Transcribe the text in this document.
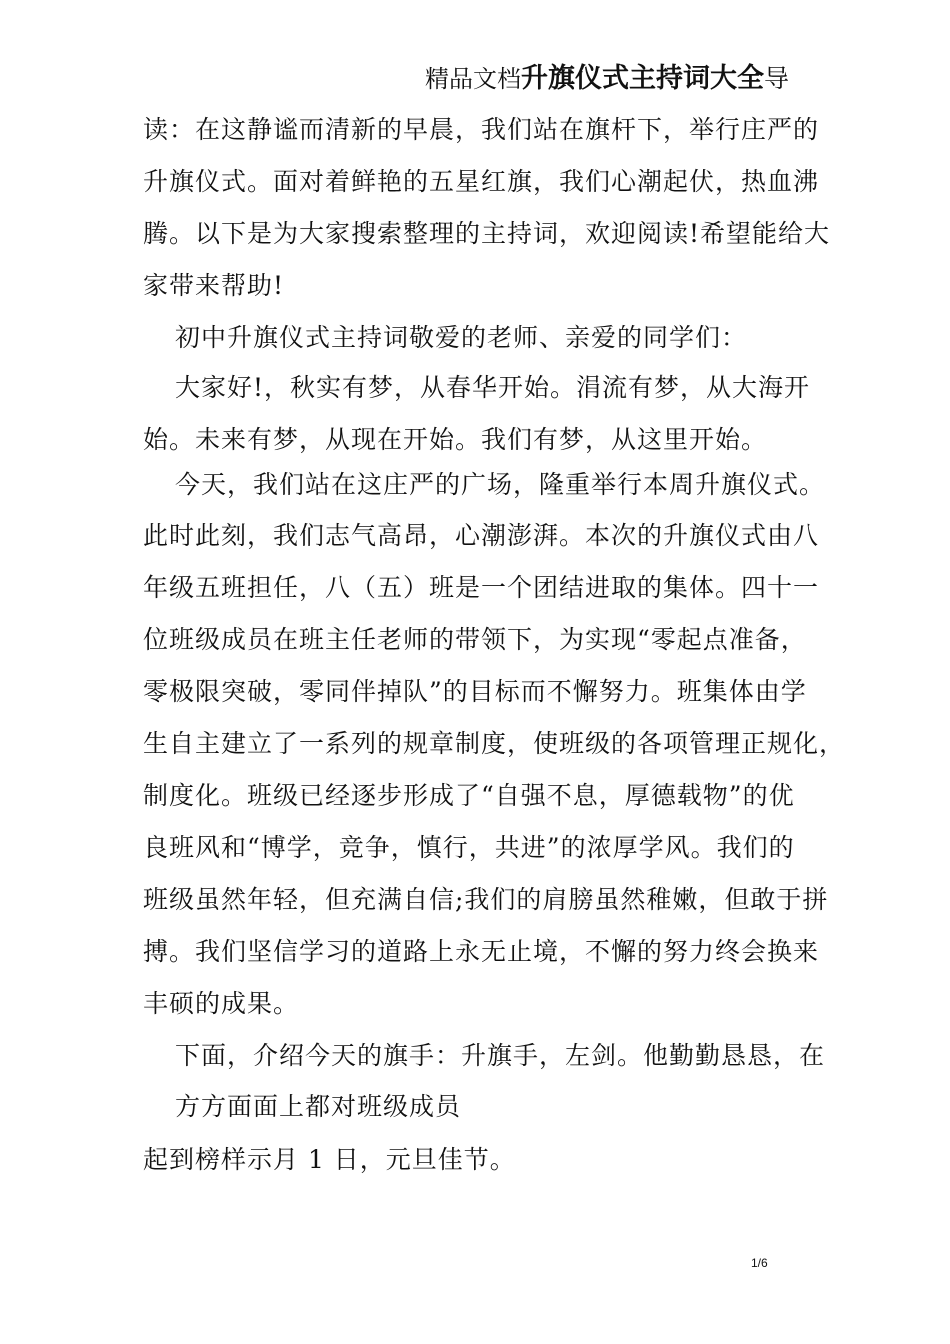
精品文档升旗仪式主持词大全导
读：在这静谧而清新的早晨，我们站在旗杆下，举行庄严的
升旗仪式。面对着鲜艳的五星红旗，我们心潮起伏，热血沸
腾。以下是为大家搜索整理的主持词，欢迎阅读!希望能给大
家带来帮助!
初中升旗仪式主持词敬爱的老师、亲爱的同学们：
大家好!，秋实有梦，从春华开始。涓流有梦，从大海开
始。未来有梦，从现在开始。我们有梦，从这里开始。
今天，我们站在这庄严的广场，隆重举行本周升旗仪式。
此时此刻，我们志气高昂，心潮澎湃。本次的升旗仪式由八
年级五班担任，八（五）班是一个团结进取的集体。四十一
位班级成员在班主任老师的带领下，为实现“零起点准备，
零极限突破，零同伴掉队”的目标而不懈努力。班集体由学
生自主建立了一系列的规章制度，使班级的各项管理正规化，
制度化。班级已经逐步形成了“自强不息，厚德载物”的优
良班风和“博学，竞争，慎行，共进”的浓厚学风。我们的
班级虽然年轻，但充满自信;我们的肩膀虽然稚嫩，但敢于拼
搏。我们坚信学习的道路上永无止境，不懈的努力终会换来
丰硕的成果。
下面，介绍今天的旗手：升旗手，左剑。他勤勤恳恳，在
方方面面上都对班级成员
起到榜样示月 1 日，元旦佳节。
1/6
